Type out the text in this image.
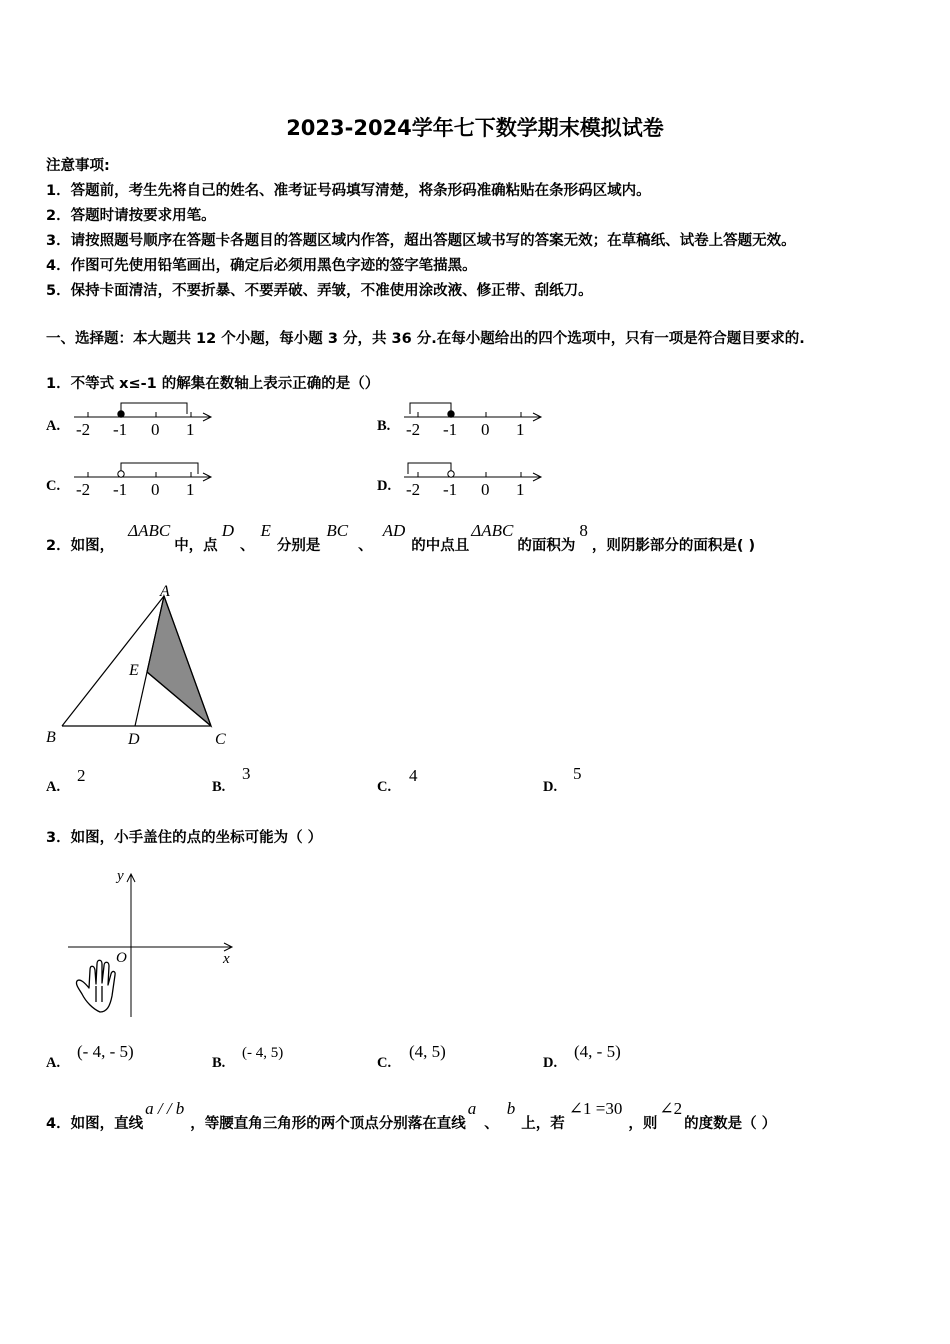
2023-2024学年七下数学期末模拟试卷
注意事项:
1．答题前，考生先将自己的姓名、准考证号码填写清楚，将条形码准确粘贴在条形码区域内。
2．答题时请按要求用笔。
3．请按照题号顺序在答题卡各题目的答题区域内作答，超出答题区域书写的答案无效；在草稿纸、试卷上答题无效。
4．作图可先使用铅笔画出，确定后必须用黑色字迹的签字笔描黑。
5．保持卡面清洁，不要折暴、不要弄破、弄皱，不准使用涂改液、修正带、刮纸刀。
一、选择题：本大题共 12 个小题，每小题 3 分，共 36 分.在每小题给出的四个选项中，只有一项是符合题目要求的.
1．不等式 x≤-1 的解集在数轴上表示正确的是（）
A.	B.
C.	D.
-2 -1 0 1	-2 -1 0 1
-2 -1 0 1	-2 -1 0 1
2．如图，
ΔABC
中，点
D
、
E
分别是
BC
、
AD
的中点且
ΔABC
的面积为
8
，则阴影部分的面积是( )
A
B	C
D
E
A.
2
B.
3
C.
4
D.
5
3．如图，小手盖住的点的坐标可能为（ ）
x
y
O
A.
(- 4, - 5)
B.
(- 4, 5)
C.
(4, 5)
D.
(4, - 5)
4．如图，直线
a / / b
，等腰直角三角形的两个顶点分别落在直线
a
、
b
上，若
∠1 =30
，则
∠2
的度数是（ ）
